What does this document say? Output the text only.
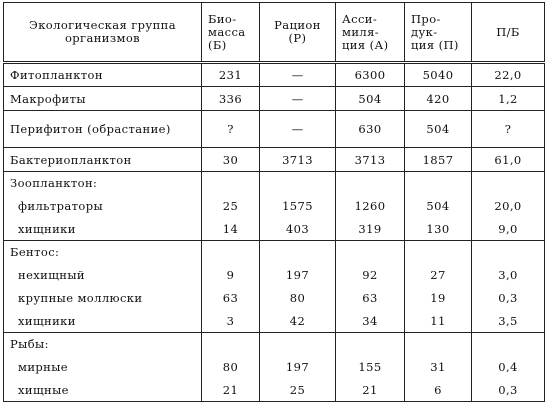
Экологическая группа организмов	Био- масса (Б)	Рацион (Р)	Асси- миля- ция (А)	Про- дук- ция (П)	П/Б
Фитопланктон	231	—	6300	5040	22,0
Макрофиты	336	—	504	420	1,2
Перифитон (обрастание)	?	—	630	504	?
Бактериопланктон	30	3713	3713	1857	61,0
Зоопланктон:					
фильтраторы	25	1575	1260	504	20,0
хищники	14	403	319	130	9,0
Бентос:					
нехищный	9	197	92	27	3,0
крупные моллюски	63	80	63	19	0,3
хищники	3	42	34	11	3,5
Рыбы:					
мирные	80	197	155	31	0,4
хищные	21	25	21	6	0,3
